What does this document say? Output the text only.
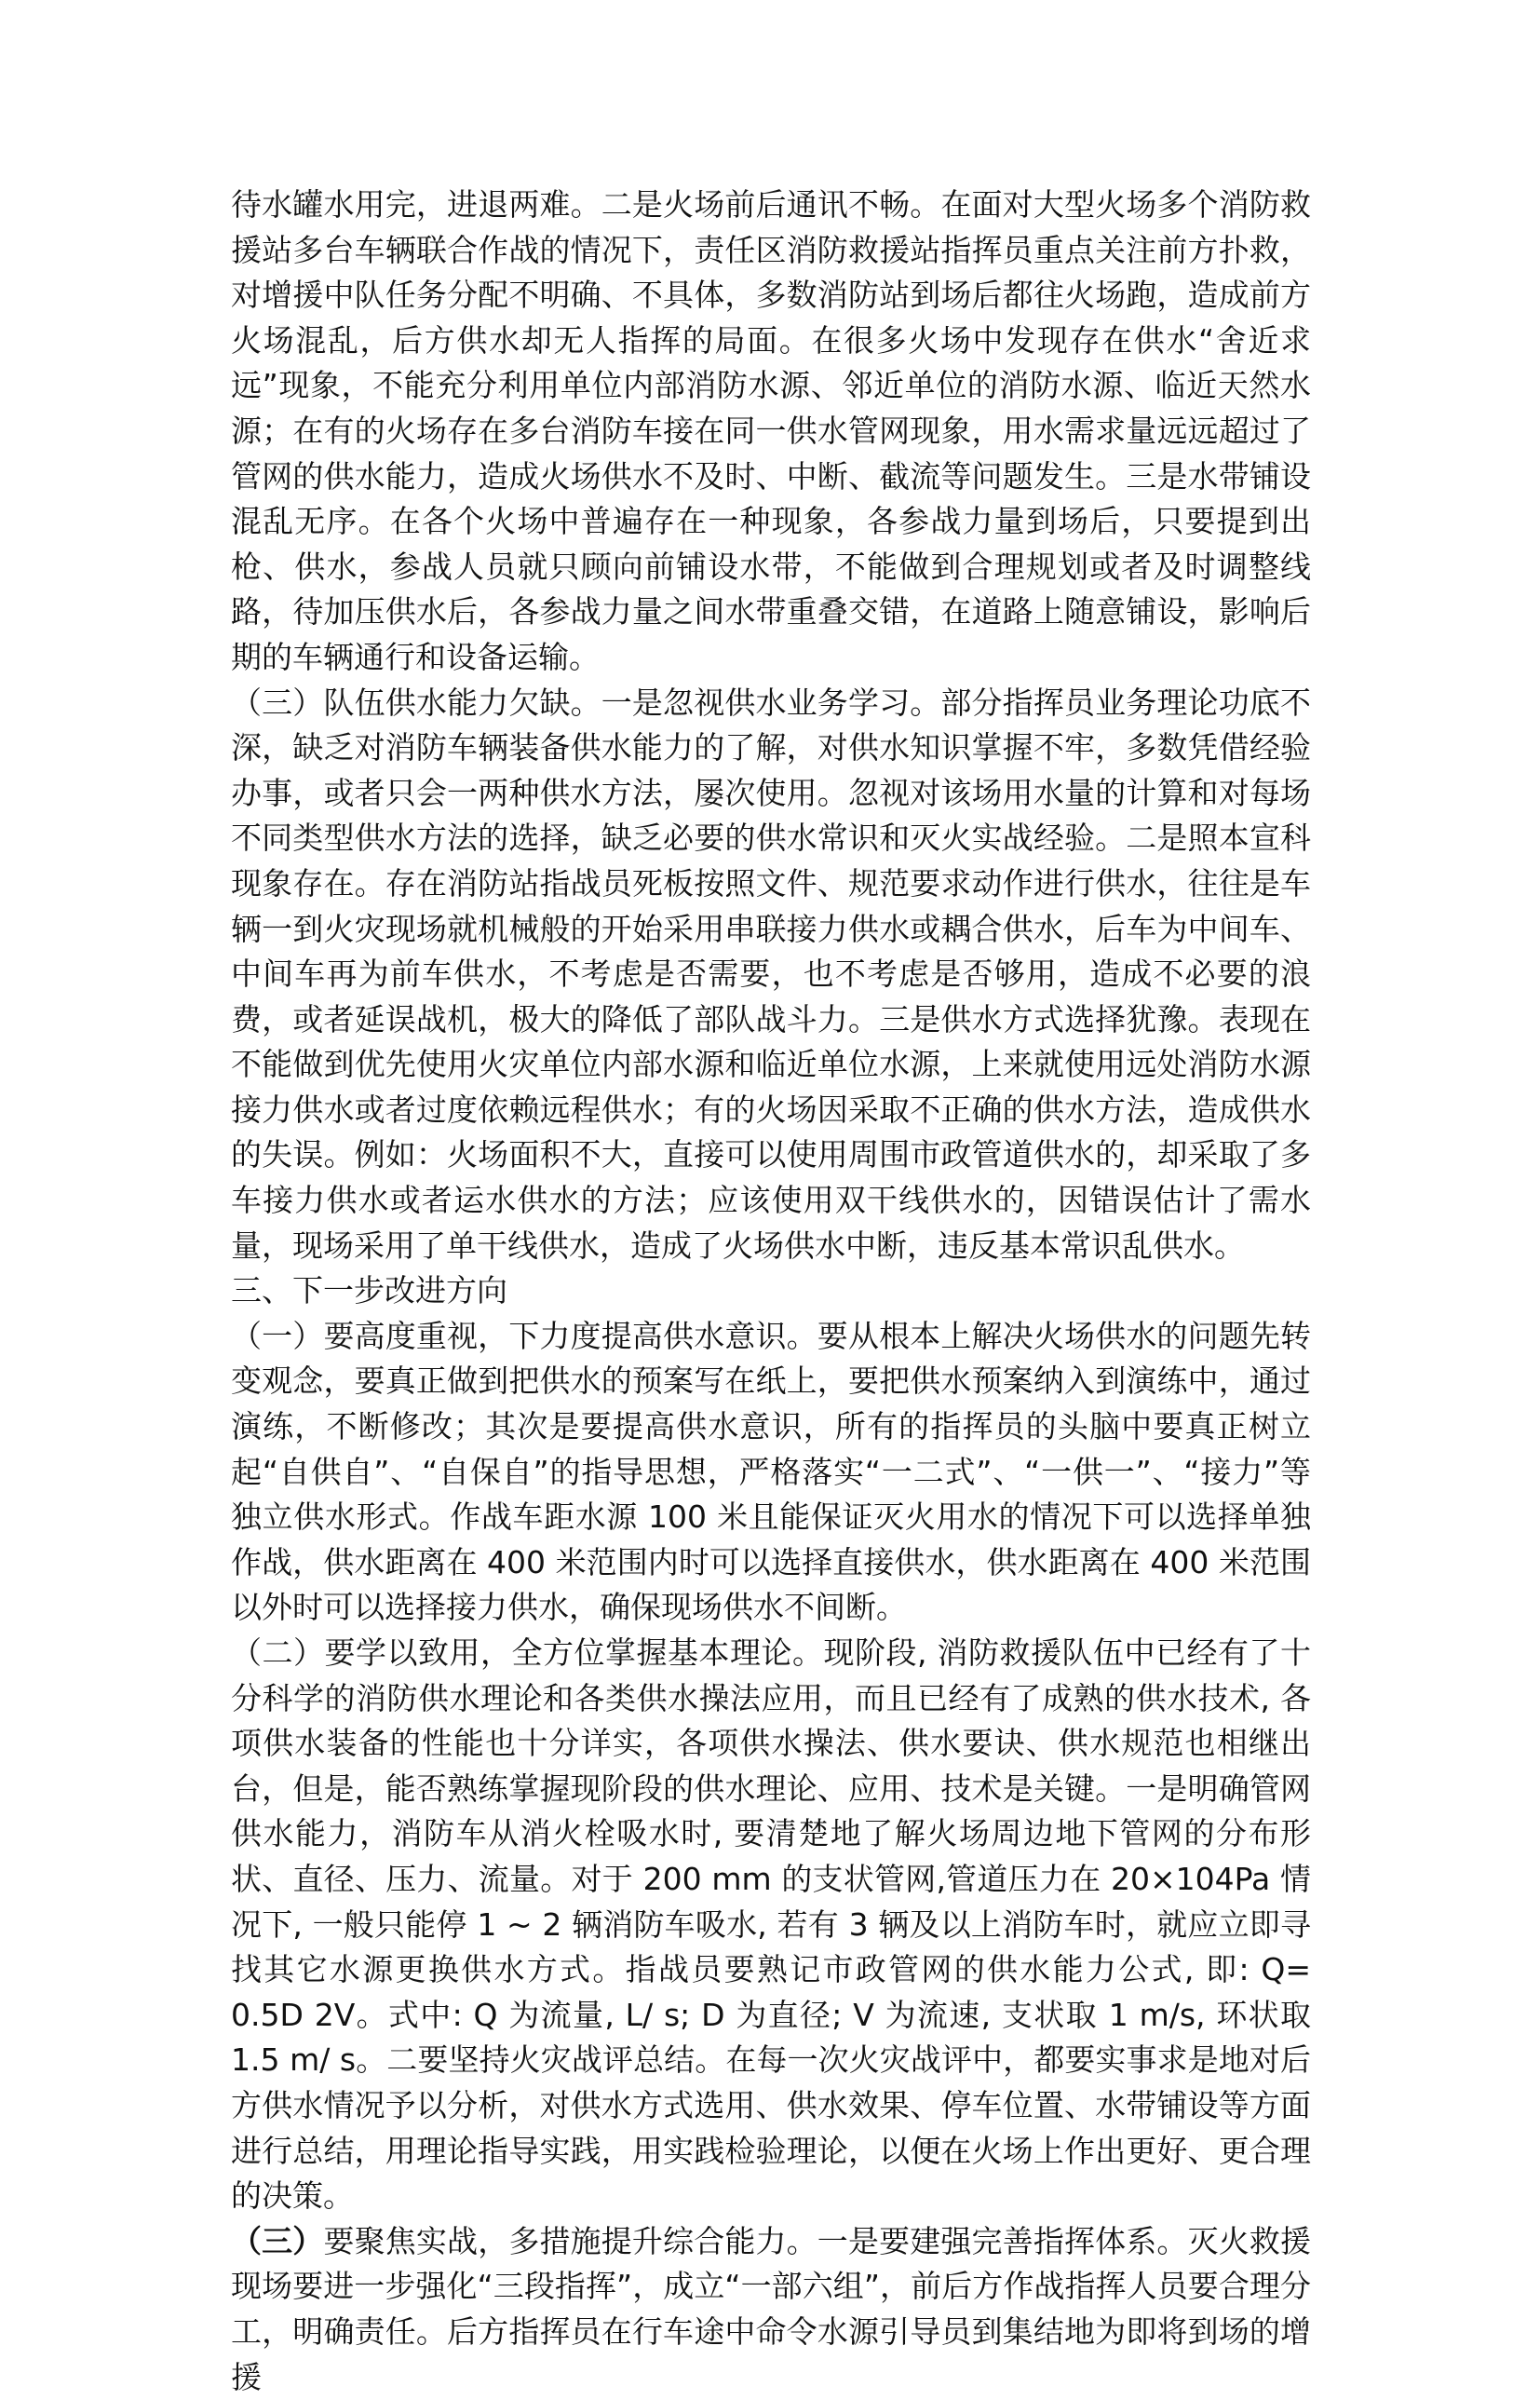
待水罐水用完，进退两难。二是火场前后通讯不畅。在面对大型火场多个消防救援站多台车辆联合作战的情况下，责任区消防救援站指挥员重点关注前方扑救，对增援中队任务分配不明确、不具体，多数消防站到场后都往火场跑，造成前方火场混乱，后方供水却无人指挥的局面。在很多火场中发现存在供水“舍近求远”现象，不能充分利用单位内部消防水源、邻近单位的消防水源、临近天然水源；在有的火场存在多台消防车接在同一供水管网现象，用水需求量远远超过了管网的供水能力，造成火场供水不及时、中断、截流等问题发生。三是水带铺设混乱无序。在各个火场中普遍存在一种现象，各参战力量到场后，只要提到出枪、供水，参战人员就只顾向前铺设水带，不能做到合理规划或者及时调整线路，待加压供水后，各参战力量之间水带重叠交错，在道路上随意铺设，影响后期的车辆通行和设备运输。

（三）队伍供水能力欠缺。一是忽视供水业务学习。部分指挥员业务理论功底不深，缺乏对消防车辆装备供水能力的了解，对供水知识掌握不牢，多数凭借经验办事，或者只会一两种供水方法，屡次使用。忽视对该场用水量的计算和对每场不同类型供水方法的选择，缺乏必要的供水常识和灭火实战经验。二是照本宣科现象存在。存在消防站指战员死板按照文件、规范要求动作进行供水，往往是车辆一到火灾现场就机械般的开始采用串联接力供水或耦合供水，后车为中间车、中间车再为前车供水，不考虑是否需要，也不考虑是否够用，造成不必要的浪费，或者延误战机，极大的降低了部队战斗力。三是供水方式选择犹豫。表现在不能做到优先使用火灾单位内部水源和临近单位水源，上来就使用远处消防水源接力供水或者过度依赖远程供水；有的火场因采取不正确的供水方法，造成供水的失误。例如：火场面积不大，直接可以使用周围市政管道供水的，却采取了多车接力供水或者运水供水的方法；应该使用双干线供水的，因错误估计了需水量，现场采用了单干线供水，造成了火场供水中断，违反基本常识乱供水。

三、下一步改进方向

（一）要高度重视，下力度提高供水意识。要从根本上解决火场供水的问题先转变观念，要真正做到把供水的预案写在纸上，要把供水预案纳入到演练中，通过演练，不断修改；其次是要提高供水意识，所有的指挥员的头脑中要真正树立起“自供自”、“自保自”的指导思想，严格落实“一二式”、“一供一”、“接力”等独立供水形式。作战车距水源 100 米且能保证灭火用水的情况下可以选择单独作战，供水距离在 400 米范围内时可以选择直接供水，供水距离在 400 米范围以外时可以选择接力供水，确保现场供水不间断。

（二）要学以致用，全方位掌握基本理论。现阶段, 消防救援队伍中已经有了十分科学的消防供水理论和各类供水操法应用，而且已经有了成熟的供水技术, 各项供水装备的性能也十分详实，各项供水操法、供水要诀、供水规范也相继出台，但是，能否熟练掌握现阶段的供水理论、应用、技术是关键。一是明确管网供水能力，消防车从消火栓吸水时, 要清楚地了解火场周边地下管网的分布形状、直径、压力、流量。对于 200 mm 的支状管网,管道压力在 20×104Pa 情况下, 一般只能停 1 ~ 2 辆消防车吸水, 若有 3 辆及以上消防车时，就应立即寻找其它水源更换供水方式。指战员要熟记市政管网的供水能力公式, 即: Q= 0.5D 2V。式中: Q 为流量, L/ s; D 为直径; V 为流速, 支状取 1 m/s, 环状取 1.5 m/ s。二要坚持火灾战评总结。在每一次火灾战评中，都要实事求是地对后方供水情况予以分析，对供水方式选用、供水效果、停车位置、水带铺设等方面进行总结，用理论指导实践，用实践检验理论，以便在火场上作出更好、更合理的决策。

（三）要聚焦实战，多措施提升综合能力。一是要建强完善指挥体系。灭火救援现场要进一步强化“三段指挥”，成立“一部六组”，前后方作战指挥人员要合理分工，明确责任。后方指挥员在行车途中命令水源引导员到集结地为即将到场的增援
